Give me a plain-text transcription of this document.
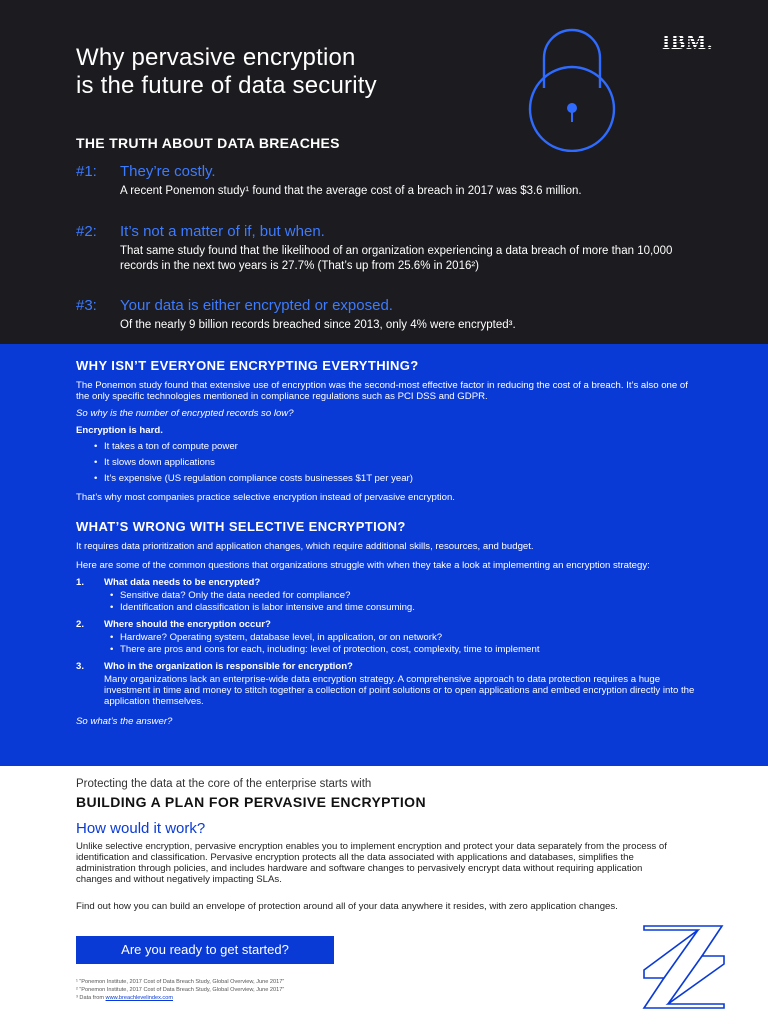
Why pervasive encryption
is the future of data security
IBM.
THE TRUTH ABOUT DATA BREACHES
#1: They’re costly.
A recent Ponemon study¹ found that the average cost of a breach in 2017 was $3.6 million.
#2: It’s not a matter of if, but when.
That same study found that the likelihood of an organization experiencing a data breach of more than 10,000 records in the next two years is 27.7% (That’s up from 25.6% in 2016²)
#3: Your data is either encrypted or exposed.
Of the nearly 9 billion records breached since 2013, only 4% were encrypted³.
WHY ISN’T EVERYONE ENCRYPTING EVERYTHING?
The Ponemon study found that extensive use of encryption was the second-most effective factor in reducing the cost of a breach. It’s also one of the only specific technologies mentioned in compliance regulations such as PCI DSS and GDPR.
So why is the number of encrypted records so low?
Encryption is hard.
• It takes a ton of compute power
• It slows down applications
• It’s expensive (US regulation compliance costs businesses $1T per year)
That’s why most companies practice selective encryption instead of pervasive encryption.
WHAT’S WRONG WITH SELECTIVE ENCRYPTION?
It requires data prioritization and application changes, which require additional skills, resources, and budget.
Here are some of the common questions that organizations struggle with when they take a look at implementing an encryption strategy:
1. What data needs to be encrypted?
• Sensitive data? Only the data needed for compliance?
• Identification and classification is labor intensive and time consuming.
2. Where should the encryption occur?
• Hardware? Operating system, database level, in application, or on network?
• There are pros and cons for each, including: level of protection, cost, complexity, time to implement
3. Who in the organization is responsible for encryption?
Many organizations lack an enterprise-wide data encryption strategy. A comprehensive approach to data protection requires a huge investment in time and money to stitch together a collection of point solutions or to open applications and embed encryption directly into the application themselves.
So what’s the answer?
Protecting the data at the core of the enterprise starts with
BUILDING A PLAN FOR PERVASIVE ENCRYPTION
How would it work?
Unlike selective encryption, pervasive encryption enables you to implement encryption and protect your data separately from the process of identification and classification. Pervasive encryption protects all the data associated with applications and databases, simplifies the administration through policies, and includes hardware and software changes to pervasively encrypt data without requiring application changes and without negatively impacting SLAs.
Find out how you can build an envelope of protection around all of your data anywhere it resides, with zero application changes.
Are you ready to get started?
¹ “Ponemon Institute, 2017 Cost of Data Breach Study, Global Overview, June 2017”
² “Ponemon Institute, 2017 Cost of Data Breach Study, Global Overview, June 2017”
³ Data from www.breachlevelindex.com
